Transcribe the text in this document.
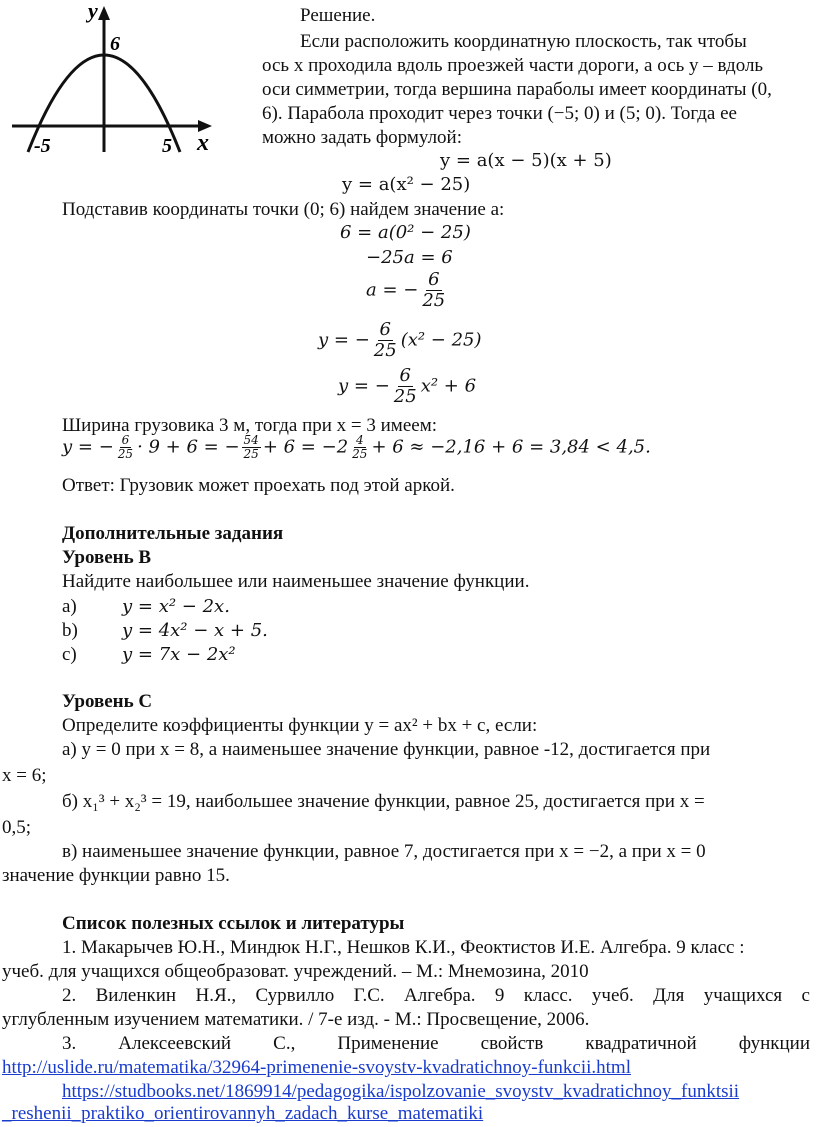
y
x
6
-5	5
Решение.
Если расположить координатную плоскость, так чтобы
ось x проходила вдоль проезжей части дороги, а ось y – вдоль
оси симметрии, тогда вершина параболы имеет координаты (0,
6). Парабола проходит через точки (−5; 0) и (5; 0). Тогда ее
можно задать формулой:
y = a(x − 5)(x + 5)
y = a(x² − 25)
Подставив координаты точки (0; 6) найдем значение a:
6 = a(0² − 25)
−25a = 6
a = − $\frac{6}{25}$
y = − $\frac{6}{25} (x^2 - 25)$
y = − $\frac{6}{25} x^2 + 6$
Ширина грузовика 3 м, тогда при x = 3 имеем:
y = − $\frac{6}{25} \cdot 9 + 6$ = − $\frac{54}{25} + 6 = -2 \frac{4}{25} + 6 \approx -2,16 + 6 = 3,84 < 4,5$.
Ответ: Грузовик может проехать под этой аркой.
Дополнительные задания
Уровень B
Найдите наибольшее или наименьшее значение функции.
a)	y = x² − 2x.
b) y = 4x² − x + 5.
c)	y = 7x − 2x²
Уровень C
Определите коэффициенты функции y = ax² + bx + c, если:
а) y = 0 при x = 8, а наименьшее значение функции, равное -12, достигается при
x = 6;
б) x₁³ + x₂³ = 19, наибольшее значение функции, равное 25, достигается при x =
0,5;
в) наименьшее значение функции, равное 7, достигается при x = −2, а при x = 0
значение функции равно 15.
Список полезных ссылок и литературы
1. Макарычев Ю.Н., Миндюк Н.Г., Нешков К.И., Феоктистов И.Е. Алгебра. 9 класс :
учеб. для учащихся общеобразоват. учреждений. – М.: Мнемозина, 2010
2. Виленкин Н.Я., Сурвилло Г.С. Алгебра. 9 класс. учеб. Для учащихся с
углубленным изучением математики. / 7-е изд. - М.: Просвещение, 2006.
3. Алексеевский С., Применение свойств квадратичной функции
http://uslide.ru/matematika/32964-primenenie-svoystv-kvadratichnoy-funkcii.html
https://studbooks.net/1869914/pedagogika/ispolzovanie_svoystv_kvadratichnoy_funktsii
_reshenii_praktiko_orientirovannyh_zadach_kurse_matematiki
